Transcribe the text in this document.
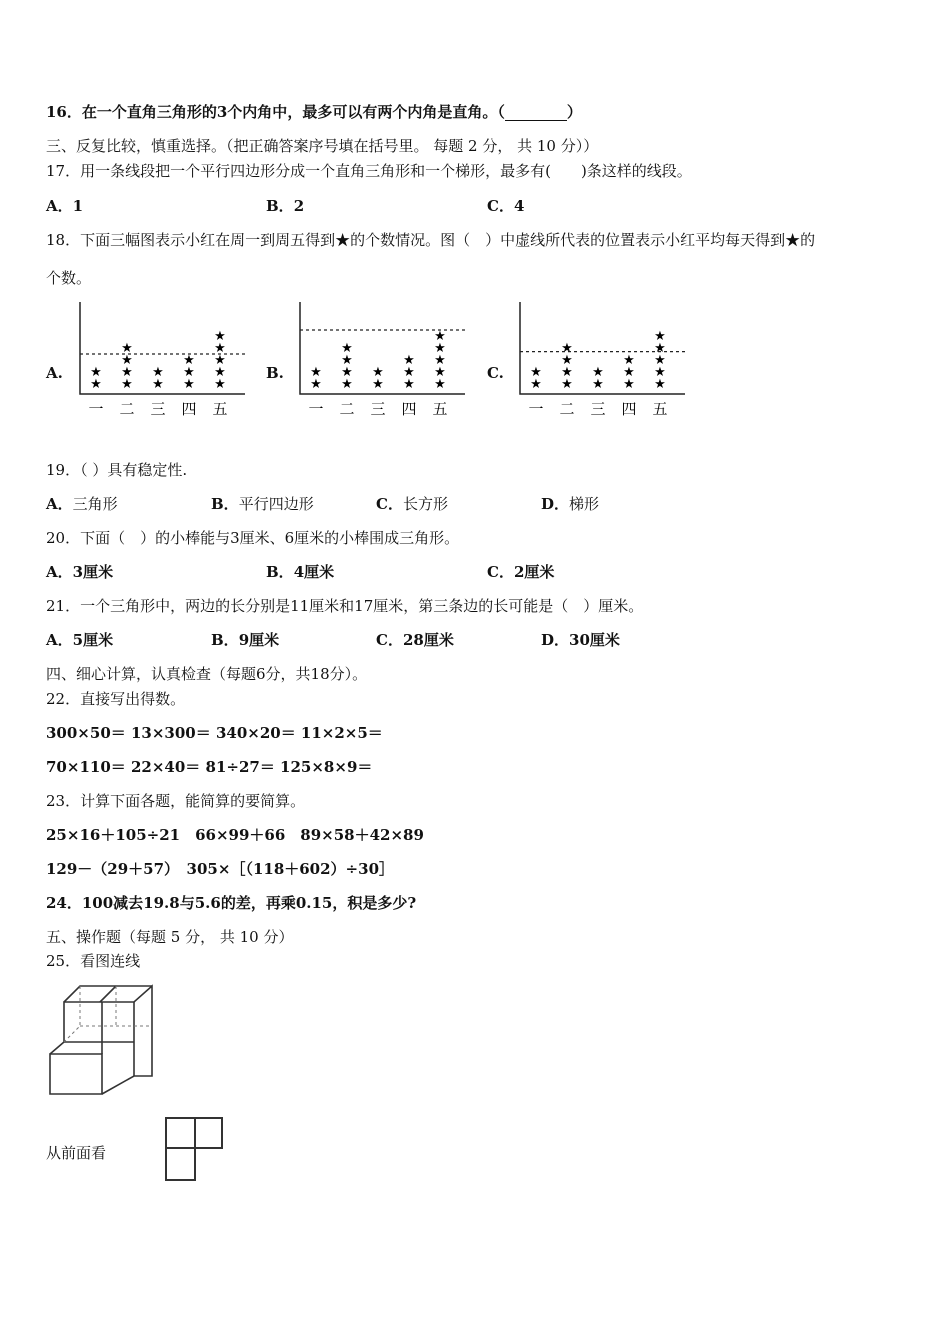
16．在一个直角三角形的3个内角中，最多可以有两个内角是直角。（	）
三、反复比较，慎重选择。（把正确答案序号填在括号里。 每题 2 分， 共 10 分））
17．用一条线段把一个平行四边形分成一个直角三角形和一个梯形，最多有(　　)条这样的线段。
A．1	B．2	C．4
18．下面三幅图表示小红在周一到周五得到★的个数情况。图（　）中虚线所代表的位置表示小红平均每天得到★的
个数。
A.	B.	C.
★
★
一
★
★
★
★
二
★
★
三
★
★
★
四
★
★
★
★
★
五
★
★
一
★
★
★
★
二
★
★
三
★
★
★
四
★
★
★
★
★
五
★
★
一
★
★
★
★
二
★
★
三
★
★
★
四
★
★
★
★
★
五
19．（ ）具有稳定性.
A．三角形	B．平行四边形	C．长方形	D．梯形
20．下面（　）的小棒能与3厘米、6厘米的小棒围成三角形。
A．3厘米	B．4厘米	C．2厘米
21．一个三角形中，两边的长分别是11厘米和17厘米，第三条边的长可能是（　）厘米。
A．5厘米	B．9厘米	C．28厘米	D．30厘米
四、细心计算，认真检查（每题6分，共18分）。
22．直接写出得数。
300×50＝ 13×300＝ 340×20＝ 11×2×5＝
70×110＝ 22×40＝ 81÷27＝ 125×8×9＝
23．计算下面各题，能简算的要简算。
25×16＋105÷21　66×99＋66　89×58＋42×89
129－（29＋57）　305×［（118＋602）÷30］
24．100减去19.8与5.6的差，再乘0.15，积是多少?
五、操作题（每题 5 分， 共 10 分）
25．看图连线
从前面看
